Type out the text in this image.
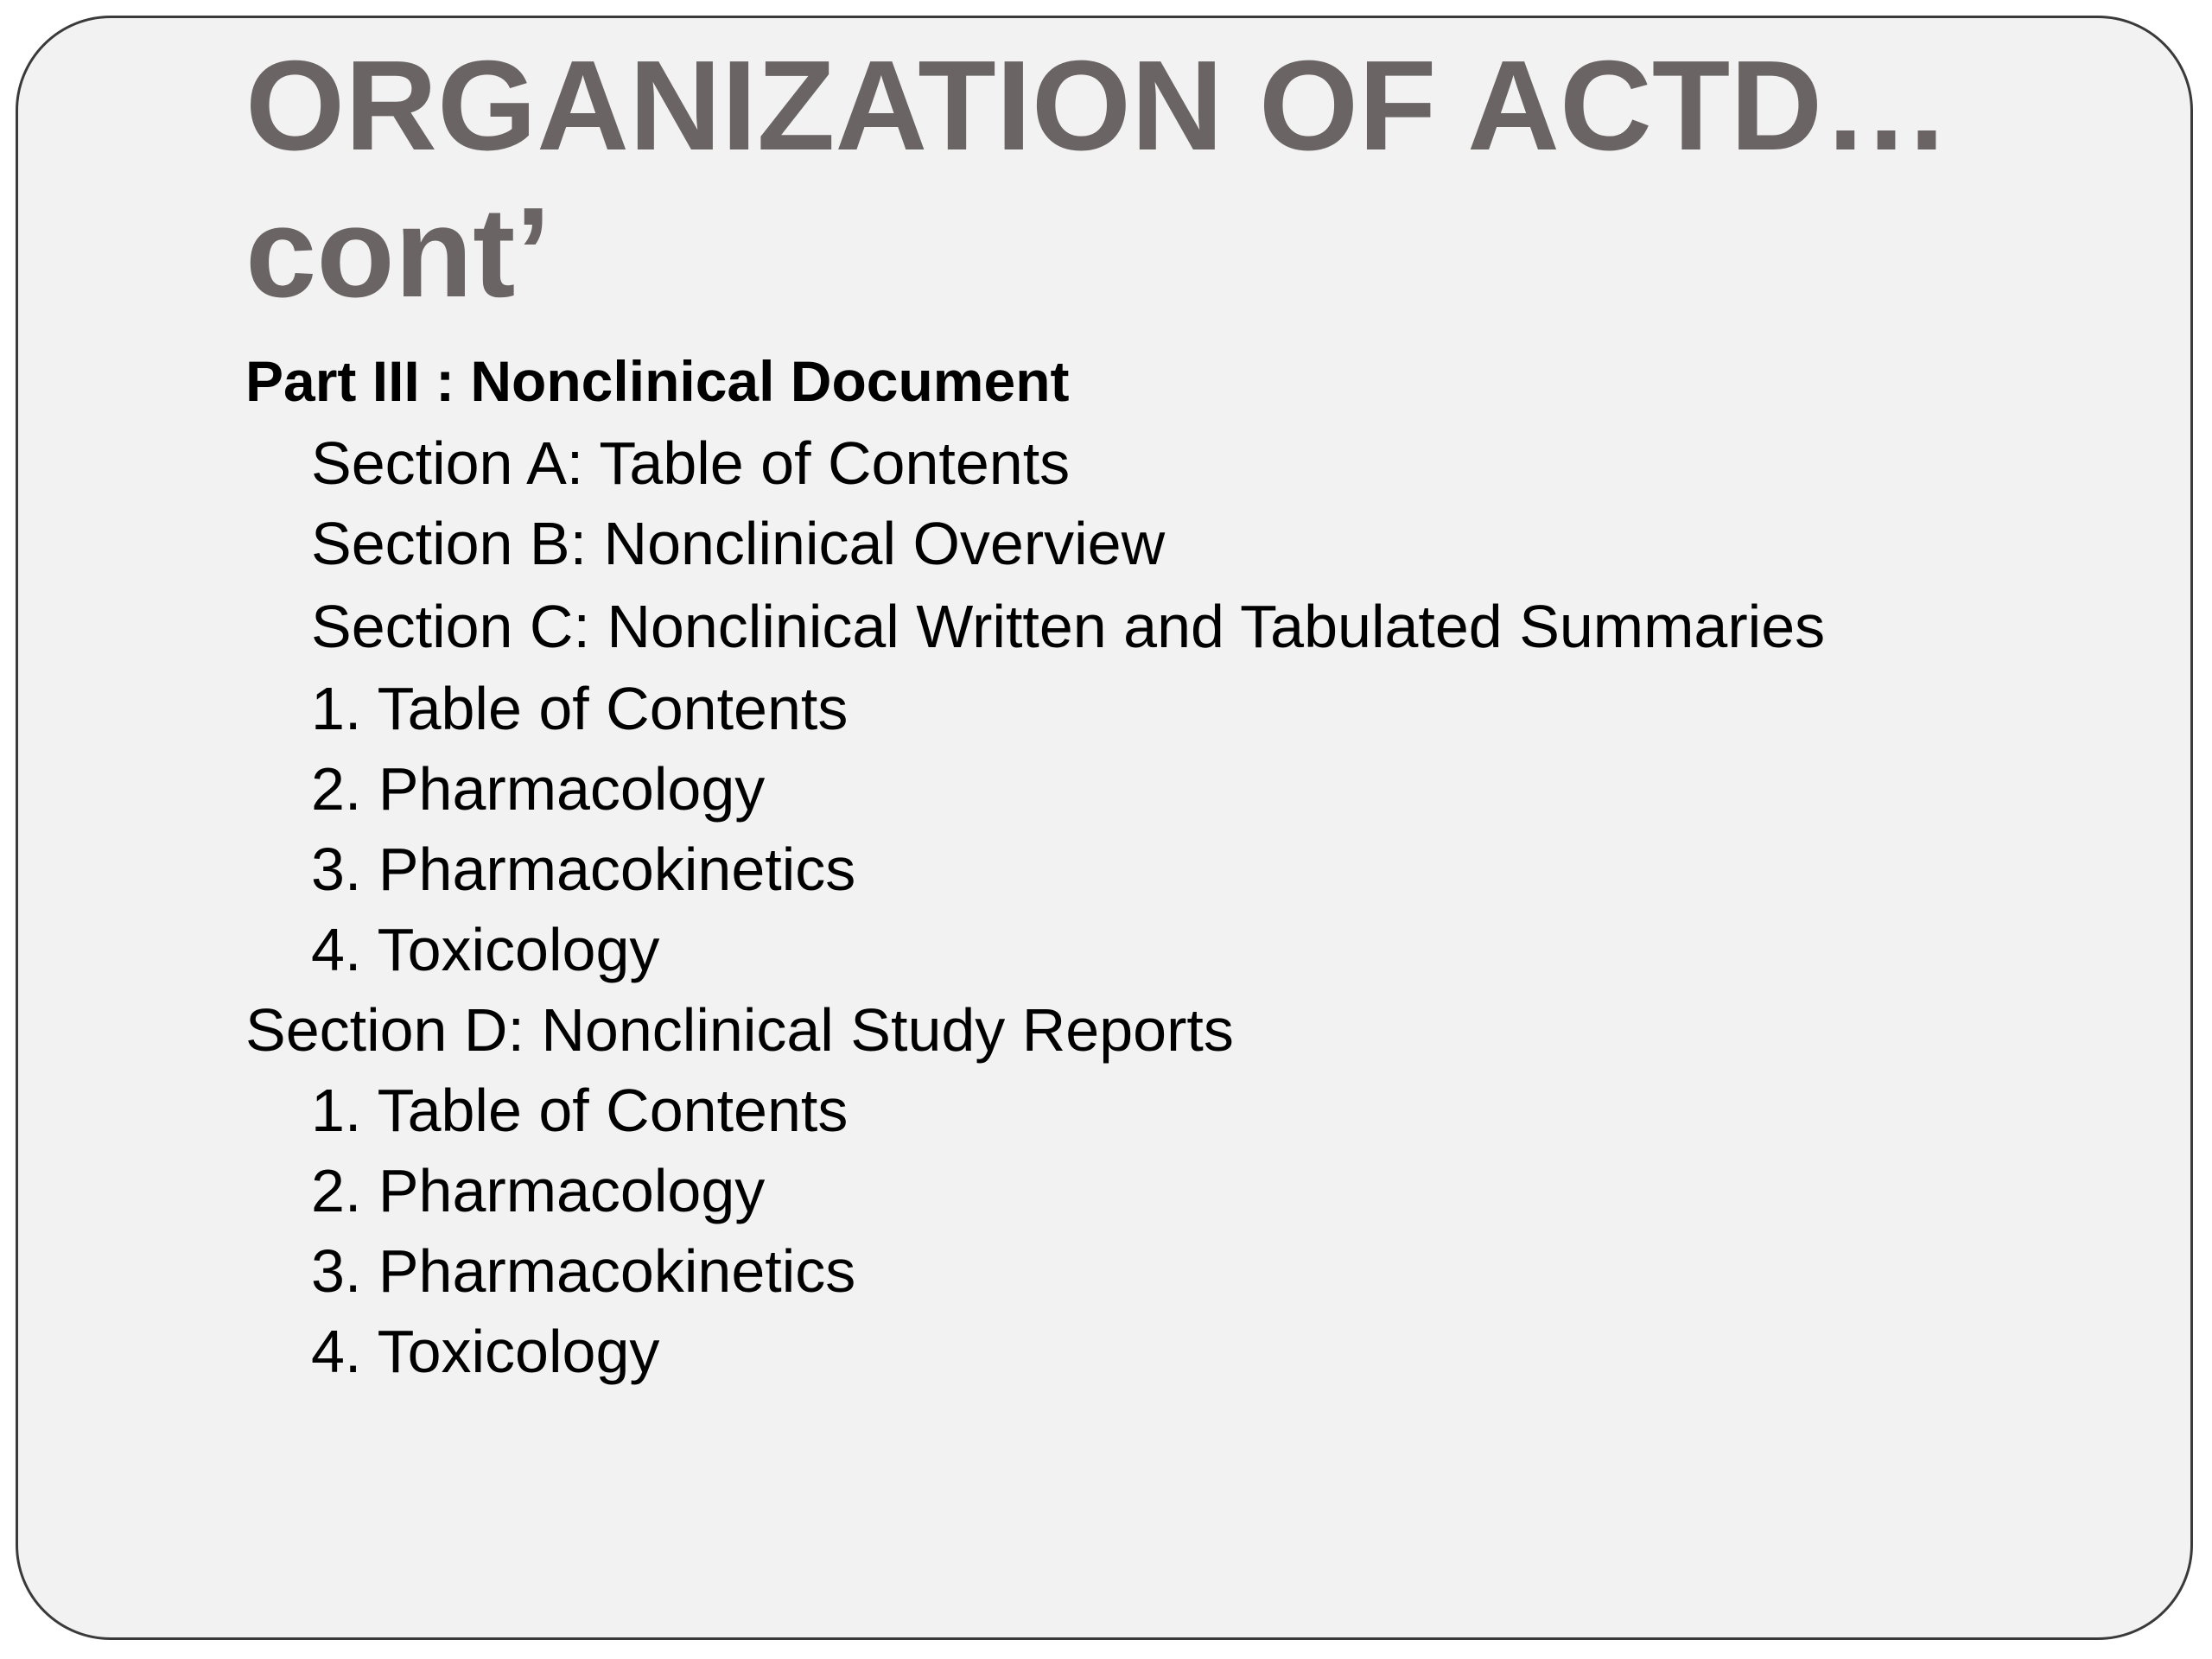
ORGANIZATION OF ACTD…
cont’
Part III : Nonclinical Document
Section A: Table of Contents
Section B: Nonclinical Overview
Section C: Nonclinical Written and Tabulated Summaries
1. Table of Contents
2. Pharmacology
3. Pharmacokinetics
4. Toxicology
Section D: Nonclinical Study Reports
1. Table of Contents
2. Pharmacology
3. Pharmacokinetics
4. Toxicology
